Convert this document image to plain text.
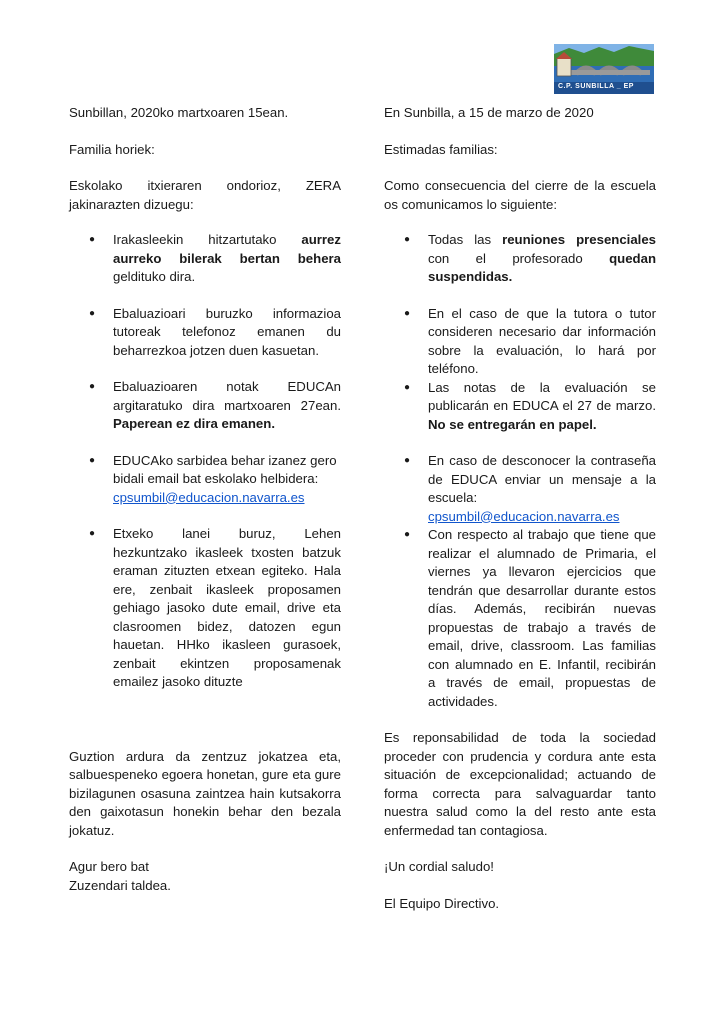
C.P. SUNBILLA _ EP

Sunbillan, 2020ko martxoaren 15ean.

Familia horiek:

Eskolako itxieraren ondorioz, ZERA jakinarazten dizuegu:

● Irakasleekin hitzartutako aurrez aurreko bilerak bertan behera geldituko dira.
● Ebaluazioari buruzko informazioa tutoreak telefonoz emanen du beharrezkoa jotzen duen kasuetan.
● Ebaluazioaren notak EDUCAn argitaratuko dira martxoaren 27ean. Paperean ez dira emanen.
● EDUCAko sarbidea behar izanez gero bidali email bat eskolako helbidera:
cpsumbil@educacion.navarra.es
● Etxeko lanei buruz, Lehen hezkuntzako ikasleek txosten batzuk eraman zituzten etxean egiteko. Hala ere, zenbait ikasleek proposamen gehiago jasoko dute email, drive eta clasroomen bidez, datozen egun hauetan. HHko ikasleen gurasoek, zenbait ekintzen proposamenak emailez jasoko dituzte

Guztion ardura da zentzuz jokatzea eta, salbuespeneko egoera honetan, gure eta gure bizilagunen osasuna zaintzea hain kutsakorra den gaixotasun honekin behar den bezala jokatuz.

Agur bero bat

Zuzendari taldea.

En Sunbilla, a 15 de marzo de 2020

Estimadas familias:

Como consecuencia del cierre de la escuela os comunicamos lo siguiente:

● Todas las reuniones presenciales con el profesorado quedan suspendidas.
● En el caso de que la tutora o tutor consideren necesario dar información sobre la evaluación, lo hará por teléfono.
● Las notas de la evaluación se publicarán en EDUCA el 27 de marzo. No se entregarán en papel.
● En caso de desconocer la contraseña de EDUCA enviar un mensaje a la escuela:
cpsumbil@educacion.navarra.es
● Con respecto al trabajo que tiene que realizar el alumnado de Primaria, el viernes ya llevaron ejercicios que tendrán que desarrollar durante estos días. Además, recibirán nuevas propuestas de trabajo a través de email, drive, classroom. Las familias con alumnado en E. Infantil, recibirán a través de email, propuestas de actividades.

Es reponsabilidad de toda la sociedad proceder con prudencia y cordura ante esta situación de excepcionalidad; actuando de forma correcta para salvaguardar tanto nuestra salud como la del resto ante esta enfermedad tan contagiosa.

¡Un cordial saludo!

El Equipo Directivo.
